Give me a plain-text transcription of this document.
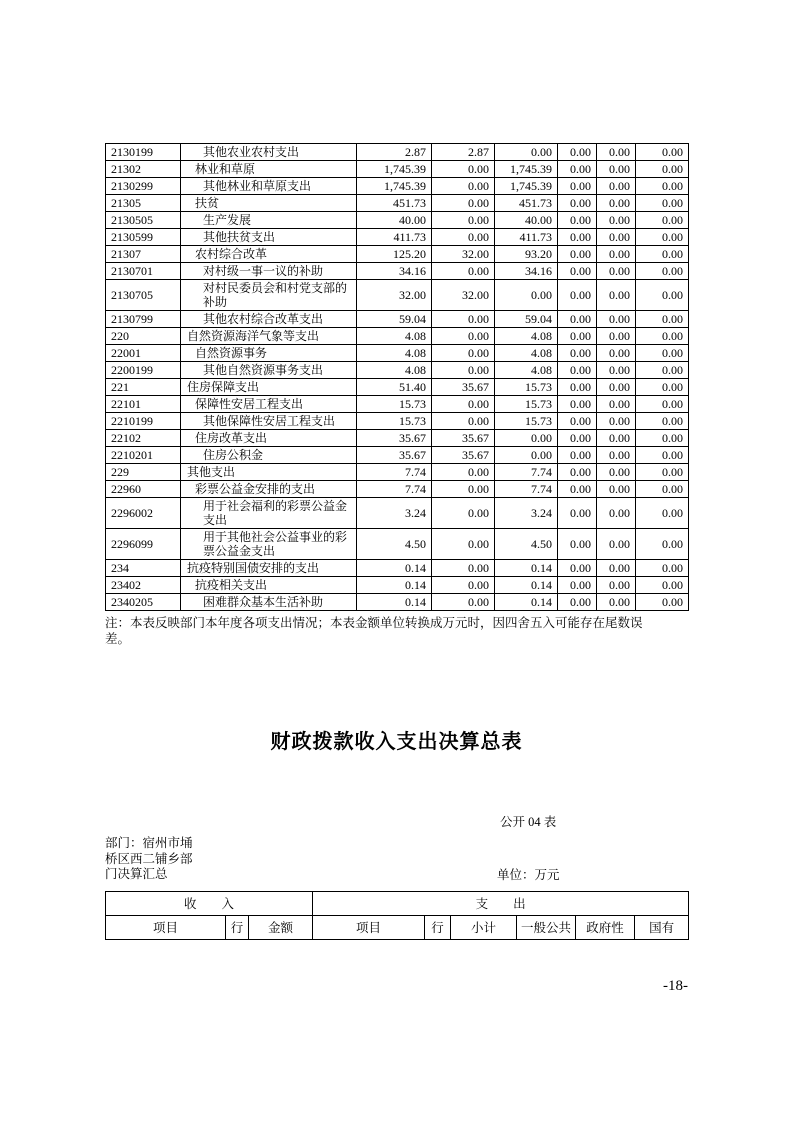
2130199	其他农业农村支出	2.87	2.87	0.00	0.00	0.00	0.00
21302	林业和草原	1,745.39	0.00	1,745.39	0.00	0.00	0.00
2130299	其他林业和草原支出	1,745.39	0.00	1,745.39	0.00	0.00	0.00
21305	扶贫	451.73	0.00	451.73	0.00	0.00	0.00
2130505	生产发展	40.00	0.00	40.00	0.00	0.00	0.00
2130599	其他扶贫支出	411.73	0.00	411.73	0.00	0.00	0.00
21307	农村综合改革	125.20	32.00	93.20	0.00	0.00	0.00
2130701	对村级一事一议的补助	34.16	0.00	34.16	0.00	0.00	0.00
2130705	对村民委员会和村党支部的补助	32.00	32.00	0.00	0.00	0.00	0.00
2130799	其他农村综合改革支出	59.04	0.00	59.04	0.00	0.00	0.00
220	自然资源海洋气象等支出	4.08	0.00	4.08	0.00	0.00	0.00
22001	自然资源事务	4.08	0.00	4.08	0.00	0.00	0.00
2200199	其他自然资源事务支出	4.08	0.00	4.08	0.00	0.00	0.00
221	住房保障支出	51.40	35.67	15.73	0.00	0.00	0.00
22101	保障性安居工程支出	15.73	0.00	15.73	0.00	0.00	0.00
2210199	其他保障性安居工程支出	15.73	0.00	15.73	0.00	0.00	0.00
22102	住房改革支出	35.67	35.67	0.00	0.00	0.00	0.00
2210201	住房公积金	35.67	35.67	0.00	0.00	0.00	0.00
229	其他支出	7.74	0.00	7.74	0.00	0.00	0.00
22960	彩票公益金安排的支出	7.74	0.00	7.74	0.00	0.00	0.00
2296002	用于社会福利的彩票公益金支出	3.24	0.00	3.24	0.00	0.00	0.00
2296099	用于其他社会公益事业的彩票公益金支出	4.50	0.00	4.50	0.00	0.00	0.00
234	抗疫特别国债安排的支出	0.14	0.00	0.14	0.00	0.00	0.00
23402	抗疫相关支出	0.14	0.00	0.14	0.00	0.00	0.00
2340205	困难群众基本生活补助	0.14	0.00	0.14	0.00	0.00	0.00
注：本表反映部门本年度各项支出情况；本表金额单位转换成万元时，因四舍五入可能存在尾数误
差。
财政拨款收入支出决算总表
公开 04 表
部门：宿州市埇
桥区西二铺乡部
门决算汇总	单位：万元
收　　入			支　　出					
项目	行	金额	项目	行	小计	一般公共	政府性	国有
-18-
